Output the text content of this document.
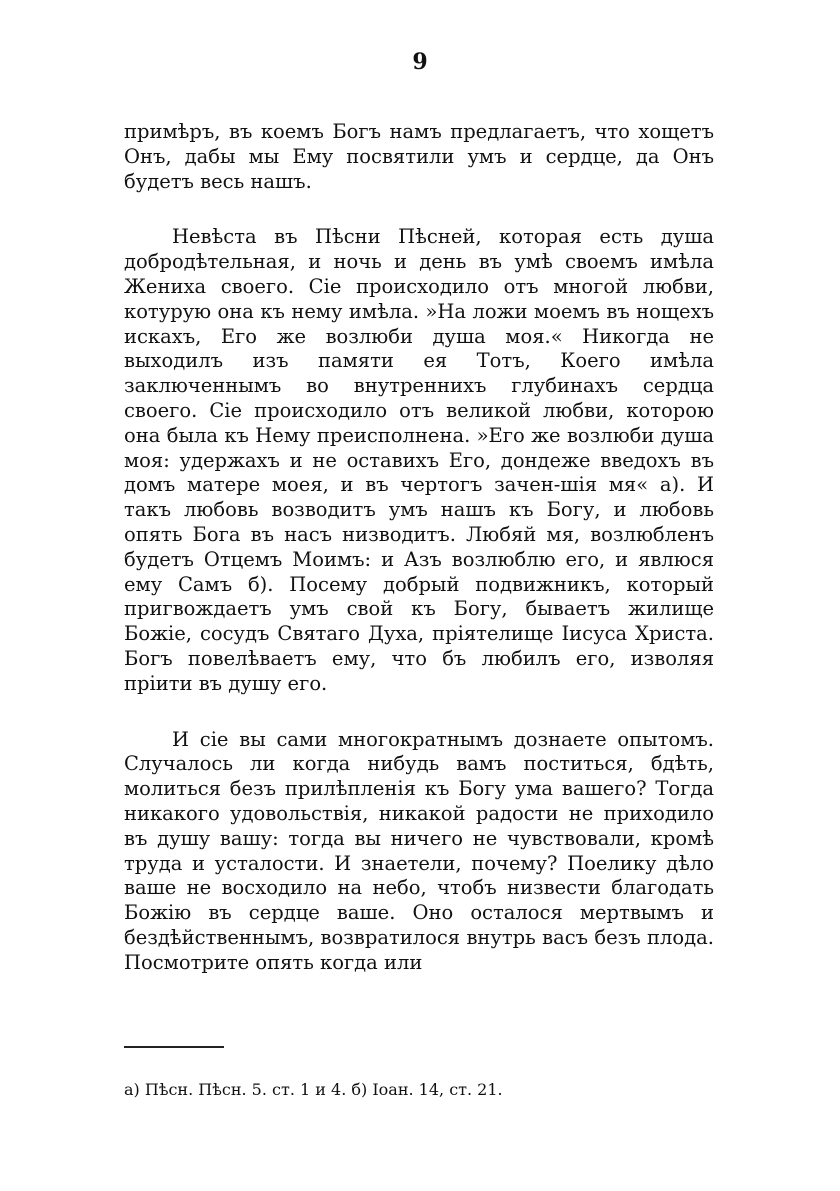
9

примѣръ, въ коемъ Богъ намъ предлагаетъ, что хощетъ Онъ, дабы мы Ему посвятили умъ и сердце, да Онъ будетъ весь нашъ.

Невѣста въ Пѣсни Пѣсней, которая есть душа добродѣтельная, и ночь и день въ умѣ своемъ имѣла Жениха своего. Сіе происходило отъ многой любви, котурую она къ нему имѣла. »На ложи моемъ въ нощехъ искахъ, Его же возлюби душа моя.« Никогда не выходилъ изъ памяти ея Тотъ, Коего имѣла заключеннымъ во внутреннихъ глубинахъ сердца своего. Сіе происходило отъ великой любви, которою она была къ Нему преисполнена. »Его же возлюби душа моя: удержахъ и не оставихъ Его, дондеже введохъ въ домъ матере моея, и въ чертогъ зачен-шія мя« а). И такъ любовь возводитъ умъ нашъ къ Богу, и любовь опять Бога въ насъ низводитъ. Любяй мя, возлюбленъ будетъ Отцемъ Моимъ: и Азъ возлюблю его, и явлюся ему Самъ б). Посему добрый подвижникъ, который пригвождаетъ умъ свой къ Богу, бываетъ жилище Божіе, сосудъ Святаго Духа, пріятелище Іисуса Христа. Богъ повелѣваетъ ему, что бъ любилъ его, изволяя пріити въ душу его.

И сіе вы сами многократнымъ дознаете опытомъ. Случалось ли когда нибудь вамъ поститься, бдѣть, молиться безъ прилѣпленія къ Богу ума вашего? Тогда никакого удовольствія, никакой радости не приходило въ душу вашу: тогда вы ничего не чувствовали, кромѣ труда и усталости. И знаетели, почему? Поелику дѣло ваше не восходило на небо, чтобъ низвести благодать Божію въ сердце ваше. Оно осталося мертвымъ и бездѣйственнымъ, возвратилося внутрь васъ безъ плода. Посмотрите опять когда или

а) Пѣсн. Пѣсн. 5. ст. 1 и 4. б) Іоан. 14, ст. 21.
